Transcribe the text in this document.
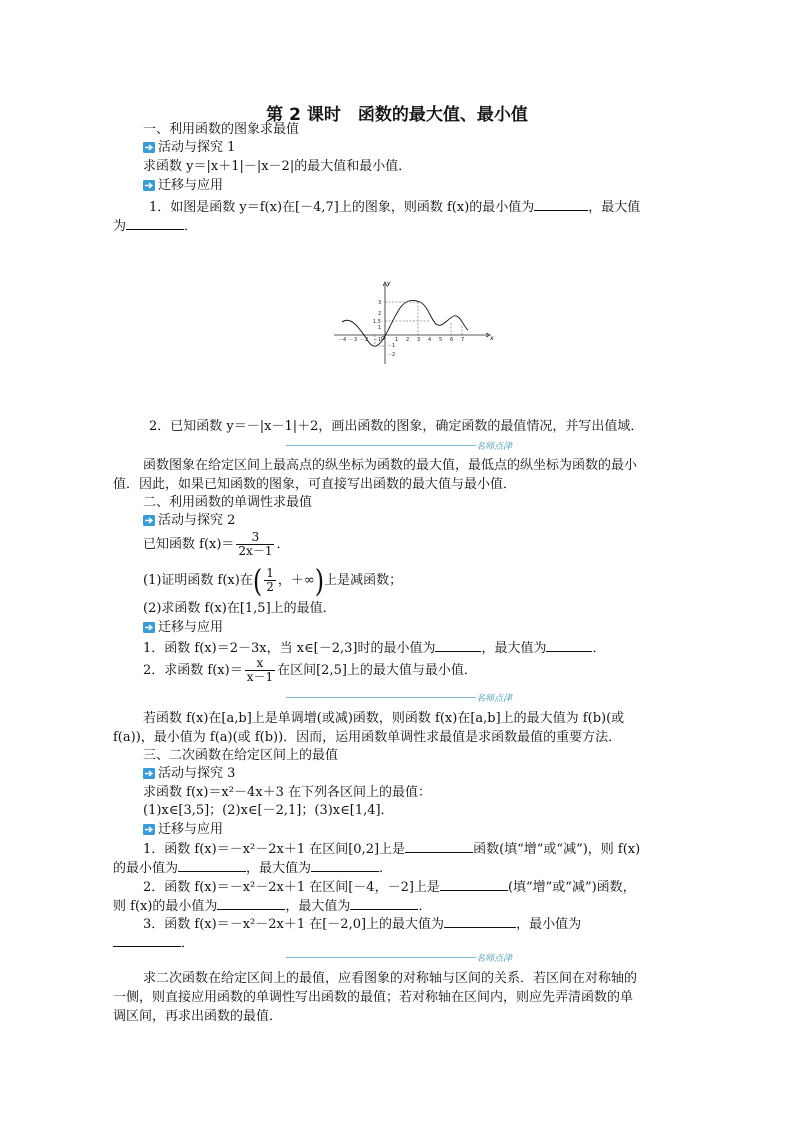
第 2 课时　函数的最大值、最小值
一、利用函数的图象求最值
活动与探究 1
求函数 y＝|x＋1|－|x－2|的最大值和最小值．
迁移与应用
1．如图是函数 y＝f(x)在[－4,7]上的图象，则函数 f(x)的最小值为	，最大值
为	．
y
x
O
－4 －3 －2 －1	1 2 3 4 5 6 7
3
2
1.5
1
－1
－2
2．已知函数 y＝－|x－1|＋2，画出函数的图象，确定函数的最值情况，并写出值域．
名师点津
函数图象在给定区间上最高点的纵坐标为函数的最大值，最低点的纵坐标为函数的最小
值．因此，如果已知函数的图象，可直接写出函数的最大值与最小值．
二、利用函数的单调性求最值
活动与探究 2
已知函数 $f(x)= \frac{3}{2x-1}$ ．
(1)证明函数 f(x)在( $\frac{1}{2}$ ，＋∞)上是减函数；
(2)求函数 f(x)在[1,5]上的最值．
迁移与应用
1．函数 f(x)＝2－3x，当 x∈[－2,3]时的最小值为	，最大值为	．
2．求函数 $f(x)= \frac{x}{x-1}$ 在区间[2,5]上的最大值与最小值．
名师点津
若函数 f(x)在[a,b]上是单调增(或减)函数，则函数 f(x)在[a,b]上的最大值为 f(b)(或
f(a))，最小值为 f(a)(或 f(b))．因而，运用函数单调性求最值是求函数最值的重要方法．
三、二次函数在给定区间上的最值
活动与探究 3
求函数 f(x)＝x²－4x＋3 在下列各区间上的最值：
(1)x∈[3,5]；(2)x∈[－2,1]；(3)x∈[1,4]．
迁移与应用
1．函数 f(x)＝－x²－2x＋1 在区间[0,2]上是	函数(填“增”或“减”)，则 f(x)
的最小值为	，最大值为	．
2．函数 f(x)＝－x²－2x＋1 在区间[－4，－2]上是	(填“增”或“减”)函数，
则 f(x)的最小值为	，最大值为	．
3．函数 f(x)＝－x²－2x＋1 在[－2,0]上的最大值为	，最小值为
．
名师点津
求二次函数在给定区间上的最值，应看图象的对称轴与区间的关系．若区间在对称轴的
一侧，则直接应用函数的单调性写出函数的最值；若对称轴在区间内，则应先弄清函数的单
调区间，再求出函数的最值．
